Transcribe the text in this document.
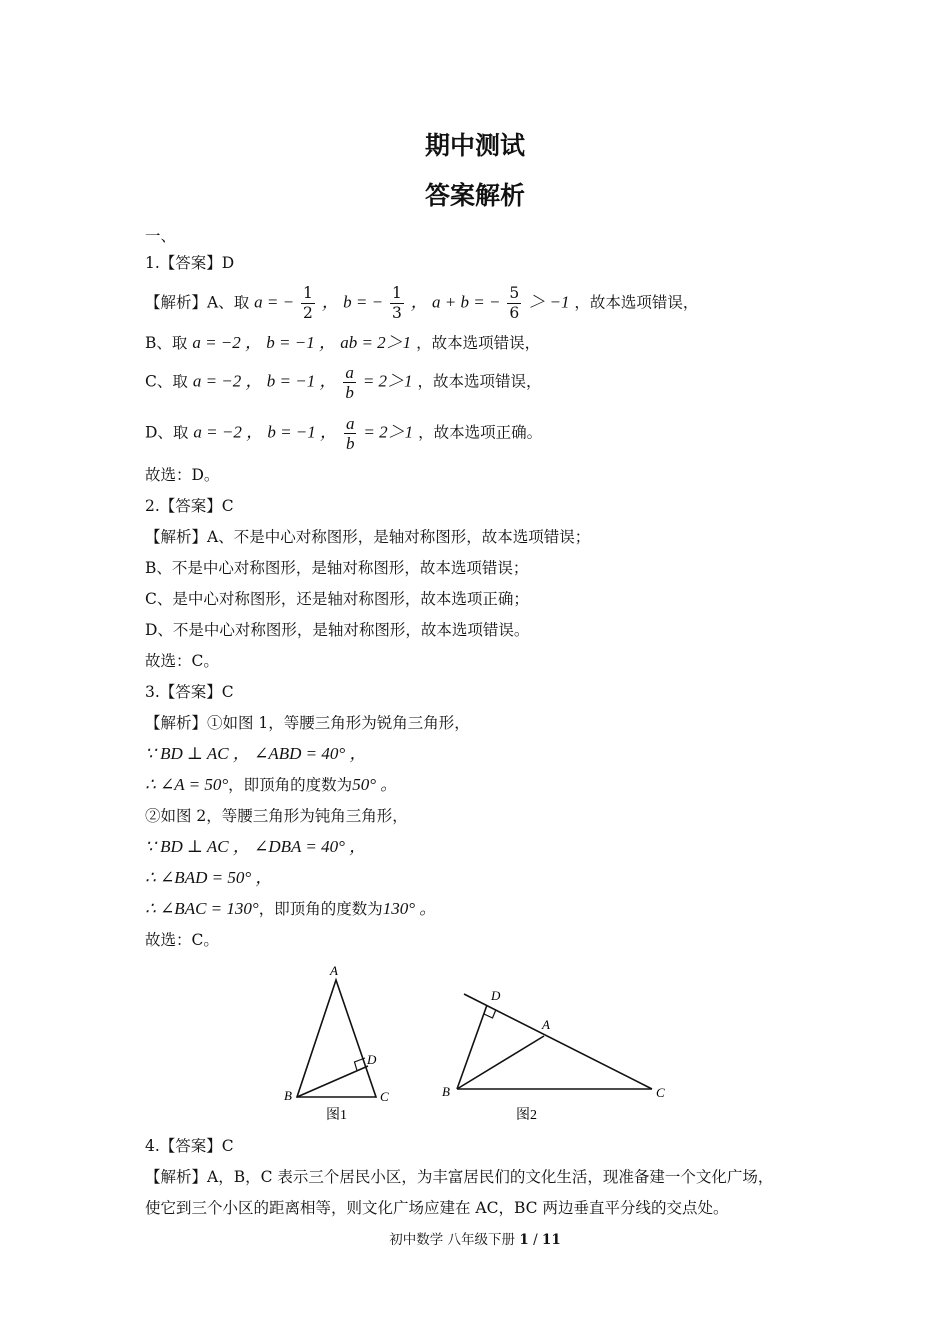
期中测试
答案解析
一、
1.【答案】D
【解析】A、取 a = − $\frac{1}{2}$ ， b = − $\frac{1}{3}$ ， a + b = − $\frac{5}{6} > -1$ ，故本选项错误，
B、取 a = −2 ， b = −1 ， ab = 2＞1 ，故本选项错误，
C、取 a = −2 ， b = −1 ， $\frac{a}{b} = 2>1$ ，故本选项错误，
D、取 a = −2 ， b = −1 ， $\frac{a}{b} = 2>1$ ，故本选项正确。
故选：D。
2.【答案】C
【解析】A、不是中心对称图形，是轴对称图形，故本选项错误；
B、不是中心对称图形，是轴对称图形，故本选项错误；
C、是中心对称图形，还是轴对称图形，故本选项正确；
D、不是中心对称图形，是轴对称图形，故本选项错误。
故选：C。
3.【答案】C
【解析】①如图 1，等腰三角形为锐角三角形，
∵ BD ⊥ AC ， ∠ABD = 40° ，
∴ ∠A = 50°，即顶角的度数为50° 。
②如图 2，等腰三角形为钝角三角形，
∵ BD ⊥ AC ， ∠DBA = 40° ，
∴ ∠BAD = 50° ，
∴ ∠BAC = 130°，即顶角的度数为130° 。
故选：C。
A
B	C
D
图1
D
A
B	C
图2
4.【答案】C
【解析】A，B，C 表示三个居民小区，为丰富居民们的文化生活，现准备建一个文化广场，
使它到三个小区的距离相等，则文化广场应建在 AC，BC 两边垂直平分线的交点处。
初中数学 八年级下册 1 / 11
